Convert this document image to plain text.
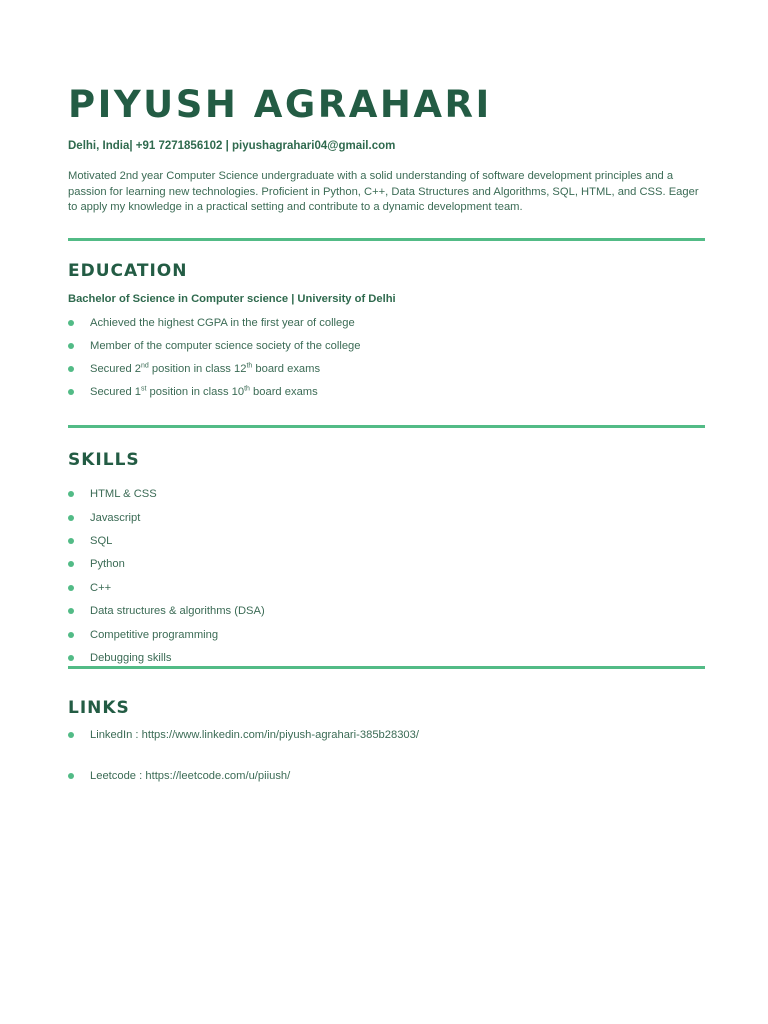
PIYUSH AGRAHARI
Delhi, India| +91 7271856102 | piyushagrahari04@gmail.com

Motivated 2nd year Computer Science undergraduate with a solid understanding of software development principles and a passion for learning new technologies. Proficient in Python, C++, Data Structures and Algorithms, SQL, HTML, and CSS. Eager to apply my knowledge in a practical setting and contribute to a dynamic development team.

EDUCATION
Bachelor of Science in Computer science | University of Delhi
Achieved the highest CGPA in the first year of college
Member of the computer science society of the college
Secured 2nd position in class 12th board exams
Secured 1st position in class 10th board exams
SKILLS
HTML & CSS
Javascript
SQL
Python
C++
Data structures & algorithms (DSA)
Competitive programming
Debugging skills
LINKS
LinkedIn : https://www.linkedin.com/in/piyush-agrahari-385b28303/
Leetcode : https://leetcode.com/u/piiush/
